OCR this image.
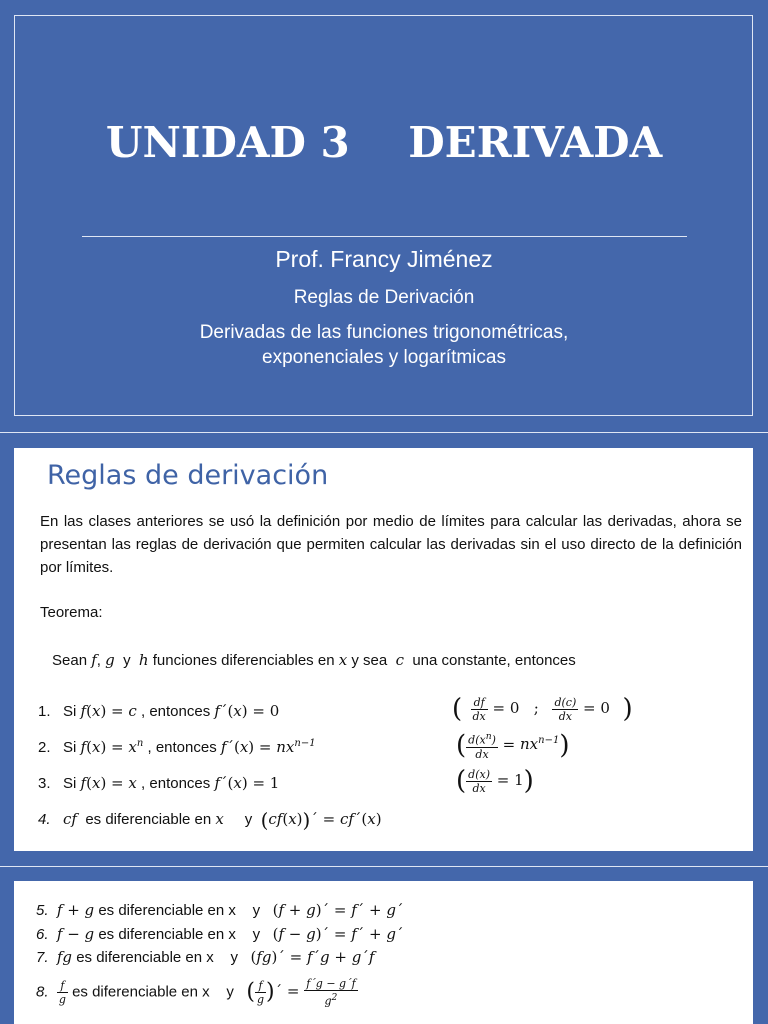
UNIDAD 3    DERIVADA
Prof. Francy Jiménez
Reglas de Derivación
Derivadas de las funciones trigonométricas,
exponenciales y logarítmicas
Reglas de derivación
En las clases anteriores se usó la definición por medio de límites para calcular las derivadas, ahora se presentan las reglas de derivación que permiten calcular las derivadas sin el uso directo de la definición por límites.
Teorema:
Sean f, g  y  h funciones diferenciables en x y sea c una constante, entonces
1. Si f(x) = c , entonces f´(x) = 0	( $\frac{df}{dx} = 0$   ; $\frac{d(c)}{dx} = 0$ )
2. Si $f(x) = x^n$ , entonces f´(x) = $nx^{n-1}$	( $\frac{d(x^n)}{dx} = nx^{n-1}$)
3. Si f(x) = x , entonces f´(x) = 1	( $\frac{d(x)}{dx} = 1$)
4. cf es diferenciable en x y (cf(x))´ = cf´(x)
5. f + g es diferenciable en x    y (f + g)´ = f´ + g´
6. f − g es diferenciable en x    y (f − g)´ = f´ + g´
7. fg es diferenciable en x    y (fg)´ = f´g + g´f
8. $\frac{f}{g}$ es diferenciable en x    y ( $\frac{f}{g}$ )´ = $\frac{f´g - g´f}{g^2}$
